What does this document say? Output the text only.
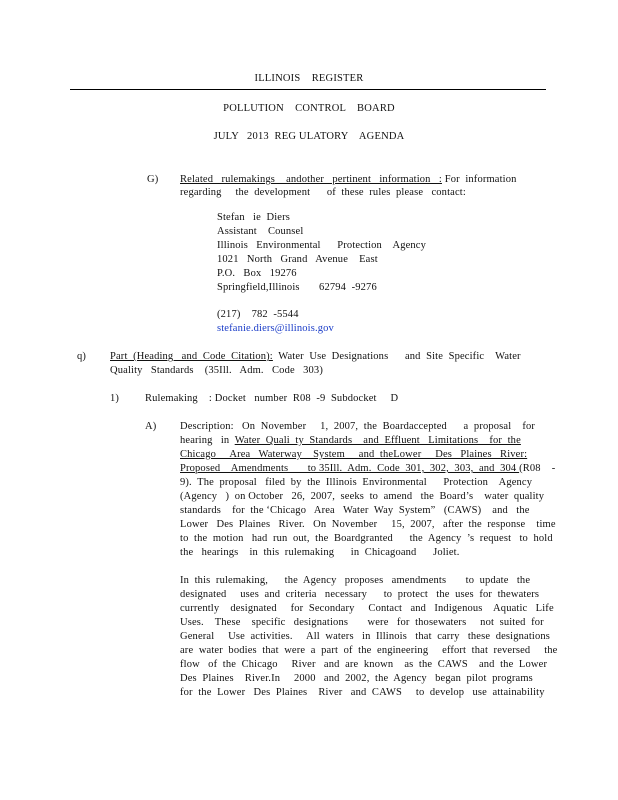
ILLINOIS    REGISTER
POLLUTION    CONTROL    BOARD
JULY   2013  REG ULATORY    AGENDA
G) Related   rulemakings    andother   pertinent   information   : For  information
regarding     the  development      of  these  rules  please   contact:
Stefan   ie  Diers
Assistant    Counsel
Illinois   Environmental      Protection    Agency
1021   North   Grand   Avenue    East
P.O.   Box   19276
Springfield,Illinois       62794  -9276
(217)    782  -5544
stefanie.diers@illinois.gov
q) Part  (Heading   and  Code  Citation):  Water  Use  Designations      and  Site  Specific    Water
Quality   Standards    (35Ill.   Adm.   Code   303)
1) Rulemaking    : Docket   number  R08  -9  Subdocket     D
A) Description:   On  November     1,  2007,  the  Boardaccepted      a  proposal    for
hearing   in  Water  Quali  ty  Standards    and  Effluent   Limitations    for  the
Chicago     Area   Waterway    System     and  theLower     Des   Plaines   River:
Proposed    Amendments       to 35Ill.  Adm.  Code  301,  302,  303,  and  304 (R08    -
9).  The  proposal   filed  by  the  Illinois  Environmental      Protection    Agency
(Agency   )  on October   26,  2007,  seeks  to  amend   the  Board’s    water  quality
standards    for  the ‘Chicago   Area   Water  Way  System”   (CAWS)    and   the
Lower   Des  Plaines   River.   On  November     15,  2007,   after  the  response    time
to  the  motion   had  run  out,  the  Boardgranted      the  Agency  ’s  request   to  hold
the   hearings    in  this  rulemaking      in  Chicagoand      Joliet.
In  this  rulemaking,      the  Agency   proposes   amendments       to  update   the
designated     uses  and  criteria   necessary      to  protect   the  uses  for  thewaters
currently    designated     for  Secondary     Contact   and   Indigenous    Aquatic   Life
Uses.    These    specific   designations       were   for  thosewaters     not  suited  for
General     Use  activities.     All  waters   in  Illinois   that  carry   these  designations
are  water  bodies  that  were  a  part  of  the  engineering     effort  that  reversed     the
flow   of  the  Chicago     River   and  are  known    as  the  CAWS    and  the  Lower
Des  Plaines    River.In     2000   and  2002,  the  Agency   began  pilot  programs
for  the  Lower   Des  Plaines    River   and  CAWS     to  develop   use  attainability
